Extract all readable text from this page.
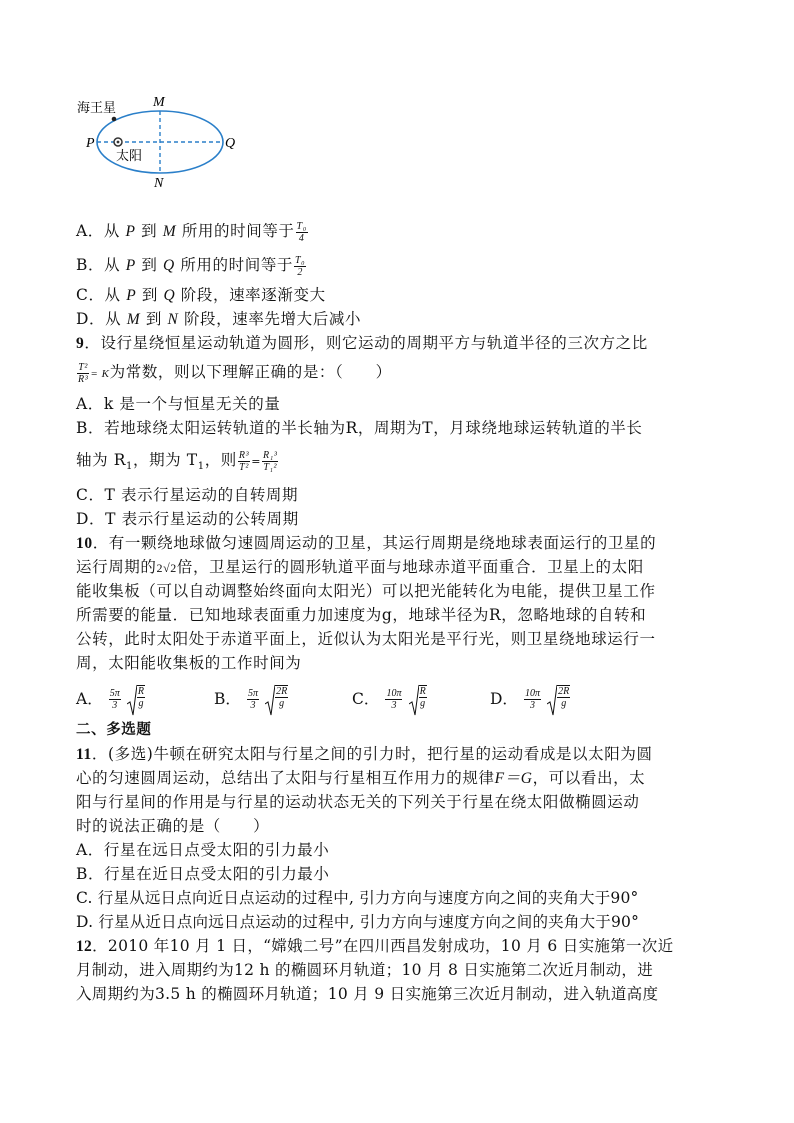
海王星
太阳
M
N
P	Q
A．从 P 到 M 所用的时间等于 $\frac{\text{T₀}}{4}$
B．从 P 到 Q 所用的时间等于 $\frac{\text{T₀}}{2}$
C．从 P 到 Q 阶段，速率逐渐变大
D．从 M 到 N 阶段，速率先增大后减小
9．设行星绕恒星运动轨道为圆形，则它运动的周期平方与轨道半径的三次方之比
$\frac{\text{T²}}{\text{R³}} = K$为常数，则以下理解正确的是：（　　）
A．k 是一个与恒星无关的量
B．若地球绕太阳运转轨道的半长轴为R，周期为T，月球绕地球运转轨道的半长
轴为 $R_1$，期为 $T_1$，则 $\frac{\text{R³}}{\text{T²}} = \frac{\text{R₁³}}{\text{T₁²}}$
C．T 表示行星运动的自转周期
D．T 表示行星运动的公转周期
10．有一颗绕地球做匀速圆周运动的卫星，其运行周期是绕地球表面运行的卫星的
运行周期的2√2倍，卫星运行的圆形轨道平面与地球赤道平面重合．卫星上的太阳
能收集板（可以自动调整始终面向太阳光）可以把光能转化为电能，提供卫星工作
所需要的能量．已知地球表面重力加速度为g，地球半径为R，忽略地球的自转和
公转，此时太阳处于赤道平面上，近似认为太阳光是平行光，则卫星绕地球运行一
周，太阳能收集板的工作时间为
A． $\frac{5\pi}{3}$
$\frac{R}{g}$	B． $\frac{5\pi}{3}$
$\frac{2R}{g}$	C． $\frac{10\pi}{3}$
$\frac{R}{g}$	D． $\frac{10\pi}{3}$
$\frac{2R}{g}$
二、多选题
11．(多选)牛顿在研究太阳与行星之间的引力时，把行星的运动看成是以太阳为圆
心的匀速圆周运动，总结出了太阳与行星相互作用力的规律F＝G，可以看出，太
阳与行星间的作用是与行星的运动状态无关的下列关于行星在绕太阳做椭圆运动
时的说法正确的是（　　）
A．行星在远日点受太阳的引力最小
B．行星在近日点受太阳的引力最小
C. 行星从远日点向近日点运动的过程中, 引力方向与速度方向之间的夹角大于90°
D. 行星从近日点向远日点运动的过程中, 引力方向与速度方向之间的夹角大于90°
12．2010 年10 月 1 日，“嫦娥二号”在四川西昌发射成功，10 月 6 日实施第一次近
月制动，进入周期约为12 h 的椭圆环月轨道；10 月 8 日实施第二次近月制动，进
入周期约为3.5 h 的椭圆环月轨道；10 月 9 日实施第三次近月制动，进入轨道高度
